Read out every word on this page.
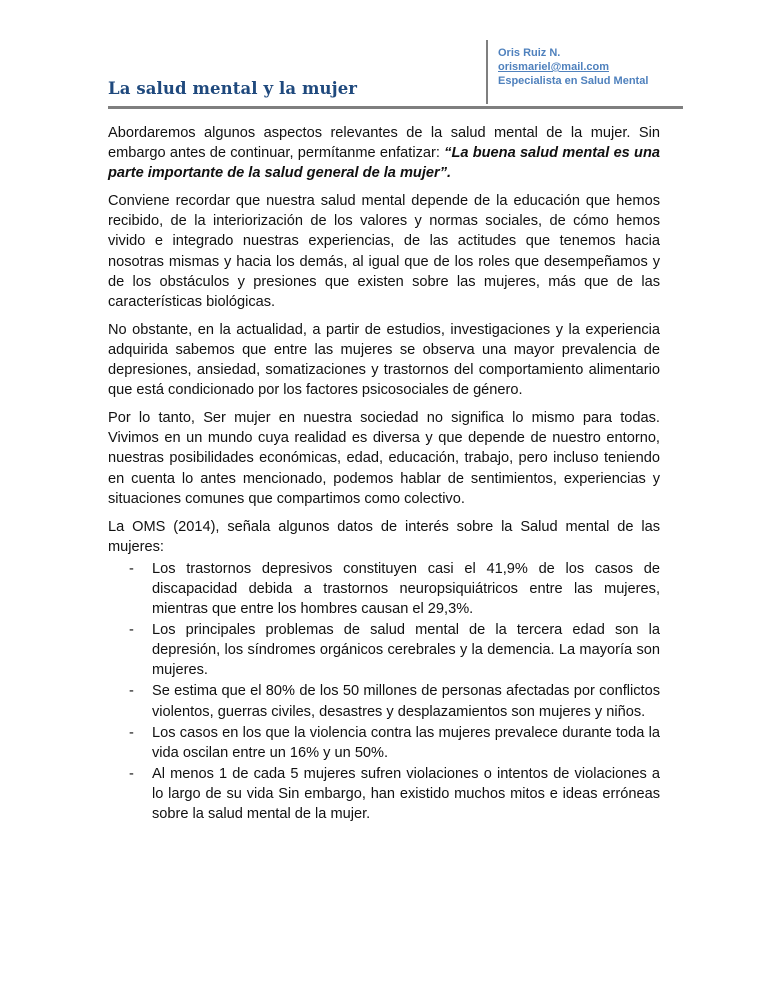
La salud mental y la mujer
Oris Ruiz N.
orismariel@mail.com
Especialista en Salud Mental

Abordaremos algunos aspectos relevantes de la salud mental de la mujer. Sin embargo antes de continuar, permítanme enfatizar: “La buena salud mental es una parte importante de la salud general de la mujer”.

Conviene recordar que nuestra salud mental depende de la educación que hemos recibido, de la interiorización de los valores y normas sociales, de cómo hemos vivido e integrado nuestras experiencias, de las actitudes que tenemos hacia nosotras mismas y hacia los demás, al igual que de los roles que desempeñamos y de los obstáculos y presiones que existen sobre las mujeres, más que de las características biológicas.

No obstante, en la actualidad, a partir de estudios, investigaciones y la experiencia adquirida sabemos que entre las mujeres se observa una mayor prevalencia de depresiones, ansiedad, somatizaciones y trastornos del comportamiento alimentario que está condicionado por los factores psicosociales de género.

Por lo tanto, Ser mujer en nuestra sociedad no significa lo mismo para todas. Vivimos en un mundo cuya realidad es diversa y que depende de nuestro entorno, nuestras posibilidades económicas, edad, educación, trabajo, pero incluso teniendo en cuenta lo antes mencionado, podemos hablar de sentimientos, experiencias y situaciones comunes que compartimos como colectivo.

La OMS (2014), señala algunos datos de interés sobre la Salud mental de las mujeres:

- Los trastornos depresivos constituyen casi el 41,9% de los casos de discapacidad debida a trastornos neuropsiquiátricos entre las mujeres, mientras que entre los hombres causan el 29,3%.
- Los principales problemas de salud mental de la tercera edad son la depresión, los síndromes orgánicos cerebrales y la demencia. La mayoría son mujeres.
- Se estima que el 80% de los 50 millones de personas afectadas por conflictos violentos, guerras civiles, desastres y desplazamientos son mujeres y niños.
- Los casos en los que la violencia contra las mujeres prevalece durante toda la vida oscilan entre un 16% y un 50%.
- Al menos 1 de cada 5 mujeres sufren violaciones o intentos de violaciones a lo largo de su vida Sin embargo, han existido muchos mitos e ideas erróneas sobre la salud mental de la mujer.
